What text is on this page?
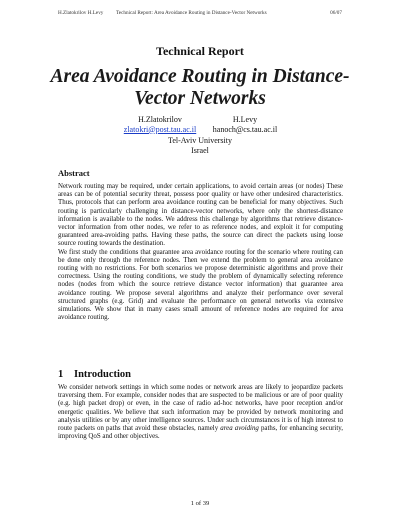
H.Zlatokrilov H.Levy Technical Report: Area Avoidance Routing in Distance-Vector Networks	06/07
Technical Report
Area Avoidance Routing in Distance-Vector Networks
H.Zlatokrilov
zlatokri@post.tau.ac.il
H.Levy
hanoch@cs.tau.ac.il
Tel-Aviv University
Israel
Abstract

Network routing may be required, under certain applications, to avoid certain areas (or nodes) These areas can be of potential security threat, possess poor quality or have other undesired characteristics. Thus, protocols that can perform area avoidance routing can be beneficial for many objectives. Such routing is particularly challenging in distance-vector networks, where only the shortest-distance information is available to the nodes. We address this challenge by algorithms that retrieve distance-vector information from other nodes, we refer to as reference nodes, and exploit it for computing guaranteed area-avoiding paths. Having these paths, the source can direct the packets using loose source routing towards the destination.

We first study the conditions that guarantee area avoidance routing for the scenario where routing can be done only through the reference nodes. Then we extend the problem to general area avoidance routing with no restrictions. For both scenarios we propose deterministic algorithms and prove their correctness. Using the routing conditions, we study the problem of dynamically selecting reference nodes (nodes from which the source retrieve distance vector information) that guarantee area avoidance routing. We propose several algorithms and analyze their performance over several structured graphs (e.g. Grid) and evaluate the performance on general networks via extensive simulations. We show that in many cases small amount of reference nodes are required for area avoidance routing.

1 Introduction

We consider network settings in which some nodes or network areas are likely to jeopardize packets traversing them. For example, consider nodes that are suspected to be malicious or are of poor quality (e.g. high packet drop) or even, in the case of radio ad-hoc networks, have poor reception and/or energetic qualities. We believe that such information may be provided by network monitoring and analysis utilities or by any other intelligence sources. Under such circumstances it is of high interest to route packets on paths that avoid these obstacles, namely area avoiding paths, for enhancing security, improving QoS and other objectives.

1 of 39
